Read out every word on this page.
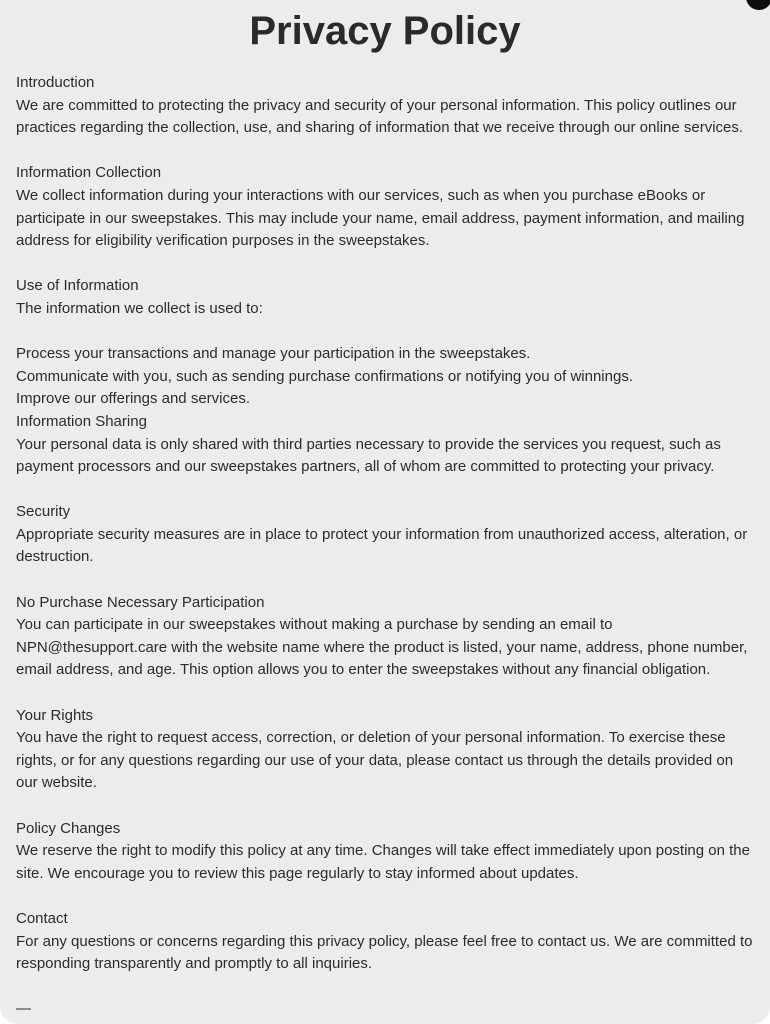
Privacy Policy
Introduction
We are committed to protecting the privacy and security of your personal information. This policy outlines our practices regarding the collection, use, and sharing of information that we receive through our online services.
Information Collection
We collect information during your interactions with our services, such as when you purchase eBooks or participate in our sweepstakes. This may include your name, email address, payment information, and mailing address for eligibility verification purposes in the sweepstakes.
Use of Information
The information we collect is used to:
Process your transactions and manage your participation in the sweepstakes.
Communicate with you, such as sending purchase confirmations or notifying you of winnings.
Improve our offerings and services.
Information Sharing
Your personal data is only shared with third parties necessary to provide the services you request, such as payment processors and our sweepstakes partners, all of whom are committed to protecting your privacy.
Security
Appropriate security measures are in place to protect your information from unauthorized access, alteration, or destruction.
No Purchase Necessary Participation
You can participate in our sweepstakes without making a purchase by sending an email to NPN@thesupport.care with the website name where the product is listed, your name, address, phone number, email address, and age. This option allows you to enter the sweepstakes without any financial obligation.
Your Rights
You have the right to request access, correction, or deletion of your personal information. To exercise these rights, or for any questions regarding our use of your data, please contact us through the details provided on our website.
Policy Changes
We reserve the right to modify this policy at any time. Changes will take effect immediately upon posting on the site. We encourage you to review this page regularly to stay informed about updates.
Contact
For any questions or concerns regarding this privacy policy, please feel free to contact us. We are committed to responding transparently and promptly to all inquiries.
—
